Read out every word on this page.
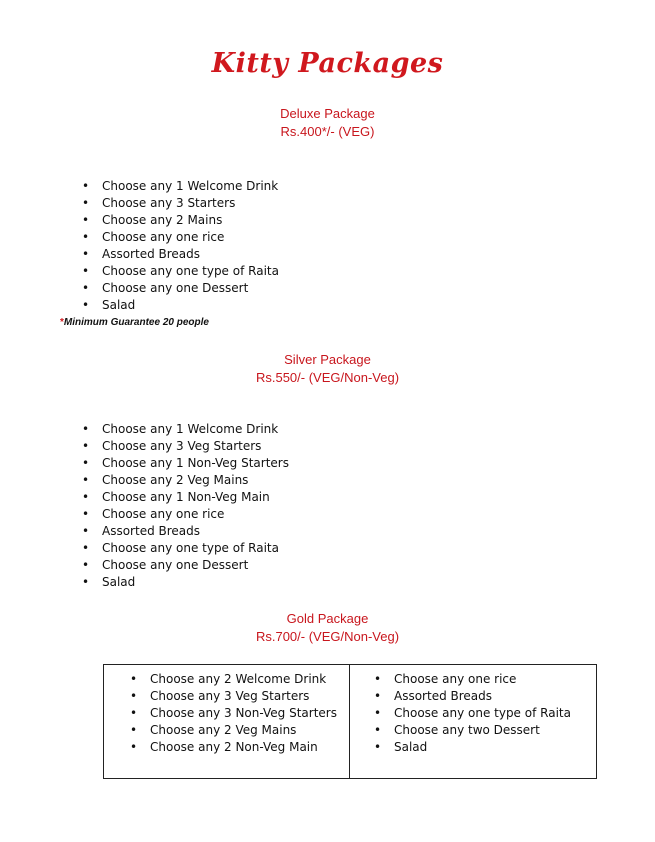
Kitty Packages
Deluxe Package
Rs.400*/- (VEG)
• Choose any 1 Welcome Drink
• Choose any 3 Starters
• Choose any 2 Mains
• Choose any one rice
• Assorted Breads
• Choose any one type of Raita
• Choose any one Dessert
• Salad
*Minimum Guarantee 20 people
Silver Package
Rs.550/- (VEG/Non-Veg)
• Choose any 1 Welcome Drink
• Choose any 3 Veg Starters
• Choose any 1 Non-Veg Starters
• Choose any 2 Veg Mains
• Choose any 1 Non-Veg Main
• Choose any one rice
• Assorted Breads
• Choose any one type of Raita
• Choose any one Dessert
• Salad
Gold Package
Rs.700/- (VEG/Non-Veg)
• Choose any 2 Welcome Drink
• Choose any 3 Veg Starters
• Choose any 3 Non-Veg Starters
• Choose any 2 Veg Mains
• Choose any 2 Non-Veg Main
• Choose any one rice
• Assorted Breads
• Choose any one type of Raita
• Choose any two Dessert
• Salad
